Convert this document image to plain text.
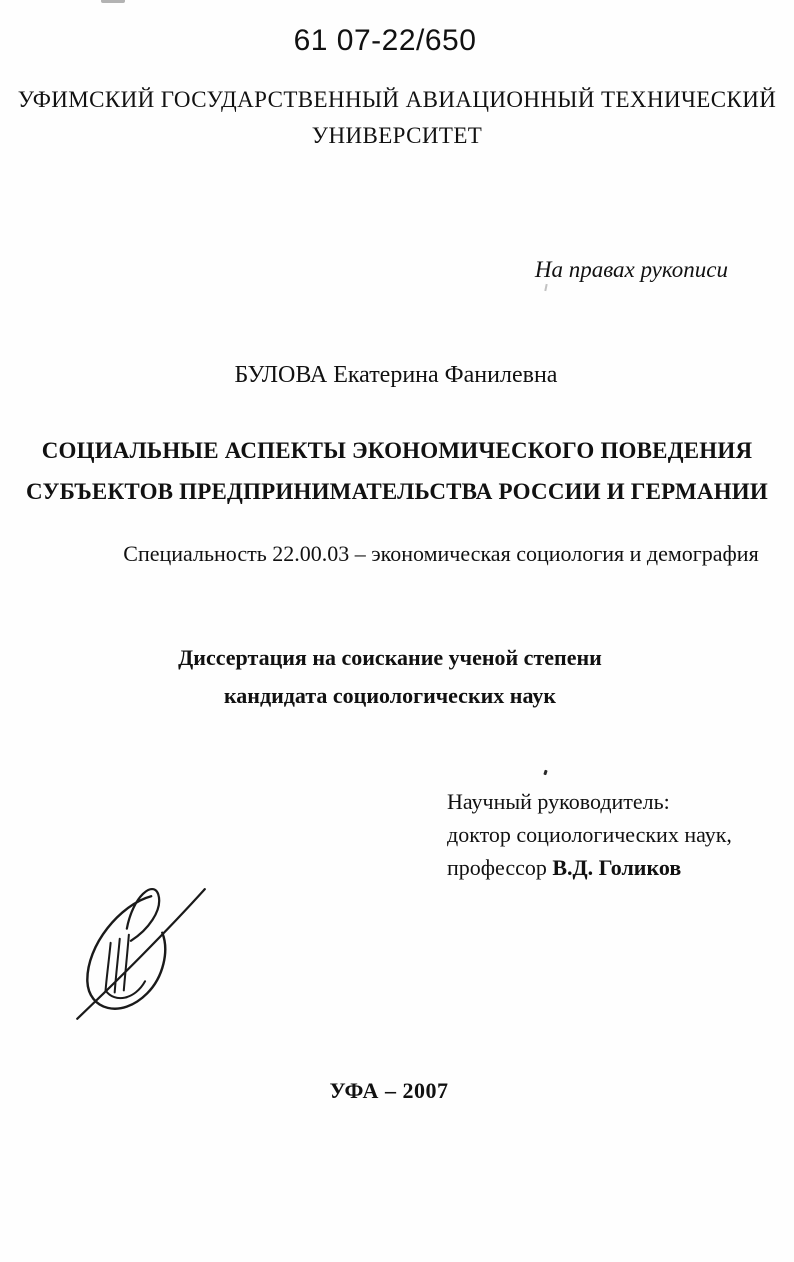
61 07-22/650
УФИМСКИЙ ГОСУДАРСТВЕННЫЙ АВИАЦИОННЫЙ ТЕХНИЧЕСКИЙ
УНИВЕРСИТЕТ
На правах рукописи
БУЛОВА Екатерина Фанилевна
СОЦИАЛЬНЫЕ АСПЕКТЫ ЭКОНОМИЧЕСКОГО ПОВЕДЕНИЯ
СУБЪЕКТОВ ПРЕДПРИНИМАТЕЛЬСТВА РОССИИ И ГЕРМАНИИ
Специальность 22.00.03 – экономическая социология и демография
Диссертация на соискание ученой степени
кандидата социологических наук
Научный руководитель:
доктор социологических наук,
профессор В.Д. Голиков
УФА – 2007
